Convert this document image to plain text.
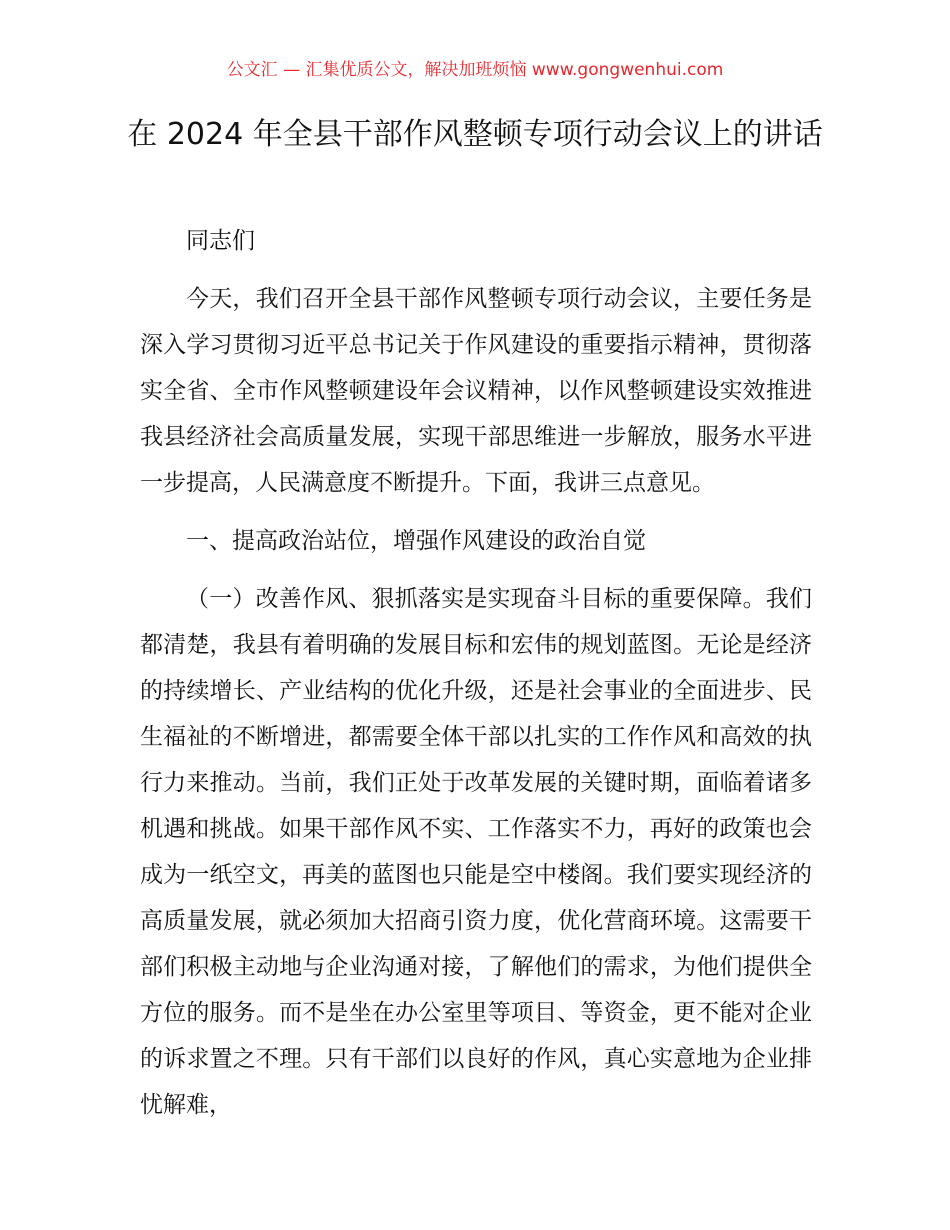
公文汇 — 汇集优质公文，解决加班烦恼 www.gongwenhui.com
在 2024 年全县干部作风整顿专项行动会议上的讲话

同志们

今天，我们召开全县干部作风整顿专项行动会议，主要任务是深入学习贯彻习近平总书记关于作风建设的重要指示精神，贯彻落实全省、全市作风整顿建设年会议精神，以作风整顿建设实效推进我县经济社会高质量发展，实现干部思维进一步解放，服务水平进一步提高，人民满意度不断提升。下面，我讲三点意见。

一、提高政治站位，增强作风建设的政治自觉

（一）改善作风、狠抓落实是实现奋斗目标的重要保障。我们都清楚，我县有着明确的发展目标和宏伟的规划蓝图。无论是经济的持续增长、产业结构的优化升级，还是社会事业的全面进步、民生福祉的不断增进，都需要全体干部以扎实的工作作风和高效的执行力来推动。当前，我们正处于改革发展的关键时期，面临着诸多机遇和挑战。如果干部作风不实、工作落实不力，再好的政策也会成为一纸空文，再美的蓝图也只能是空中楼阁。我们要实现经济的高质量发展，就必须加大招商引资力度，优化营商环境。这需要干部们积极主动地与企业沟通对接，了解他们的需求，为他们提供全方位的服务。而不是坐在办公室里等项目、等资金，更不能对企业的诉求置之不理。只有干部们以良好的作风，真心实意地为企业排忧解难，
